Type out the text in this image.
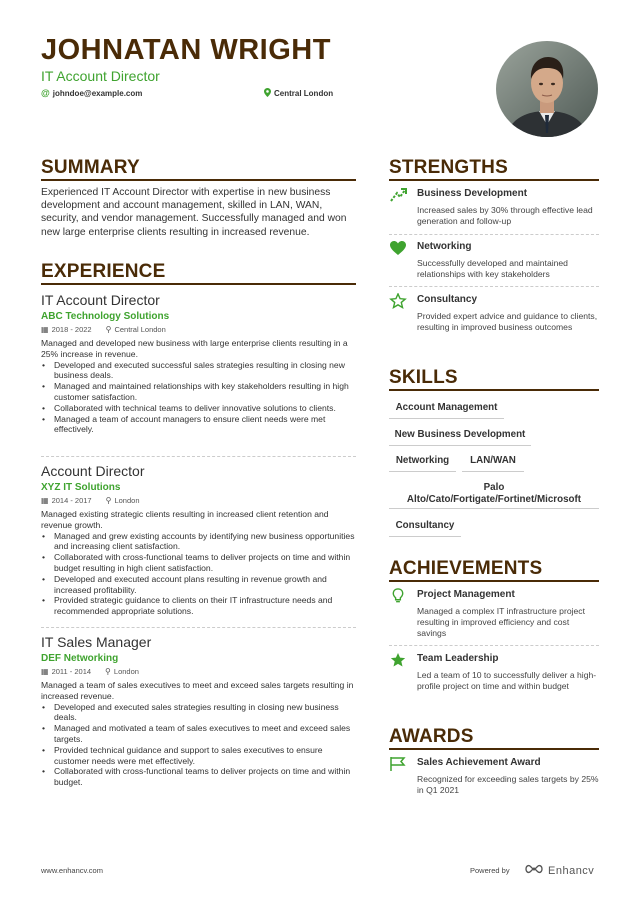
JOHNATAN WRIGHT
IT Account Director
@ johndoe@example.com	Central London
SUMMARY
Experienced IT Account Director with expertise in new business development and account management, skilled in LAN, WAN, security, and vendor management. Successfully managed and won new large enterprise clients resulting in increased revenue.
EXPERIENCE
IT Account Director
ABC Technology Solutions
▦ 2018 - 2022 ⚲ Central London
Managed and developed new business with large enterprise clients resulting in a 25% increase in revenue.
• Developed and executed successful sales strategies resulting in closing new business deals.
• Managed and maintained relationships with key stakeholders resulting in high customer satisfaction.
• Collaborated with technical teams to deliver innovative solutions to clients.
• Managed a team of account managers to ensure client needs were met effectively.
Account Director
XYZ IT Solutions
▦ 2014 - 2017 ⚲ London
Managed existing strategic clients resulting in increased client retention and revenue growth.
• Managed and grew existing accounts by identifying new business opportunities and increasing client satisfaction.
• Collaborated with cross-functional teams to deliver projects on time and within budget resulting in high client satisfaction.
• Developed and executed account plans resulting in revenue growth and increased profitability.
• Provided strategic guidance to clients on their IT infrastructure needs and recommended appropriate solutions.
IT Sales Manager
DEF Networking
▦ 2011 - 2014 ⚲ London
Managed a team of sales executives to meet and exceed sales targets resulting in increased revenue.
• Developed and executed sales strategies resulting in closing new business deals.
• Managed and motivated a team of sales executives to meet and exceed sales targets.
• Provided technical guidance and support to sales executives to ensure customer needs were met effectively.
• Collaborated with cross-functional teams to deliver projects on time and within budget.
STRENGTHS
Business Development
Increased sales by 30% through effective lead generation and follow-up
Networking
Successfully developed and maintained relationships with key stakeholders
Consultancy
Provided expert advice and guidance to clients, resulting in improved business outcomes
SKILLS
Account Management
New Business Development
Networking	LAN/WAN
Palo
Alto/Cato/Fortigate/Fortinet/Microsoft
Consultancy
ACHIEVEMENTS
Project Management
Managed a complex IT infrastructure project resulting in improved efficiency and cost savings
Team Leadership
Led a team of 10 to successfully deliver a high-profile project on time and within budget
AWARDS
Sales Achievement Award
Recognized for exceeding sales targets by 25% in Q1 2021
www.enhancv.com	Powered by	Enhancv
